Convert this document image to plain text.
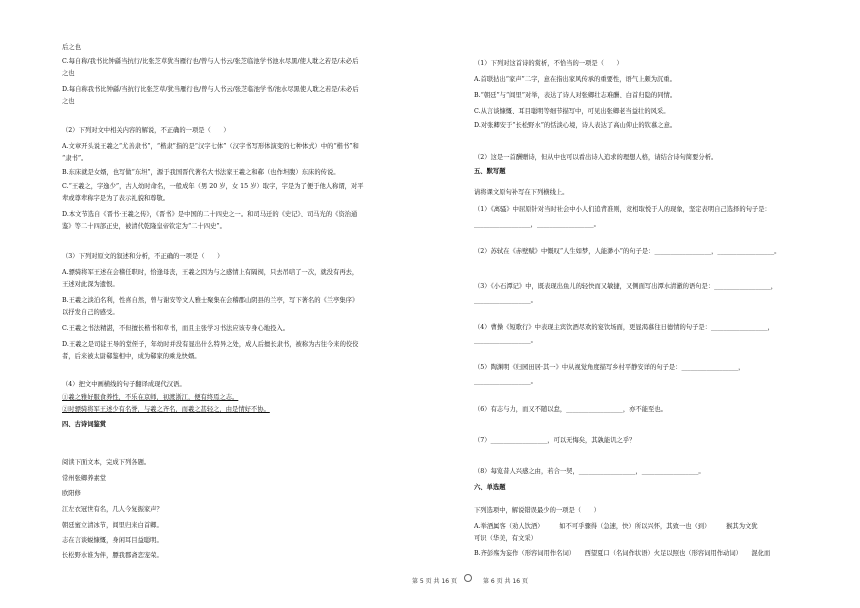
后之也
C.每自称/我书比钟繇当抗行/比张芝草犹当雁行也/曾与人书云/张芝临池学书池水尽黑/使人耽之若是/未必后
之也
D.每自称我书比钟繇/当抗行比张芝草/犹当雁行也/曾与人书云/张芝临池学书/池水尽黑使人耽之若是/未必后
之也
（2）下列对文中相关内容的解说，不正确的一项是（　　）
A.文章开头说王羲之“尤善隶书”，“楷隶”指的是“汉字七体”（汉字书写形体演变的七种体式）中的“楷书”和
“隶书”。
B.东床就是女婿，也写做“东坦”，源于我国晋代著名大书法家王羲之和郗（也作坦腹）东床的传说。
C.“王羲之，字逸少”，古人幼时命名，一般成年（男 20 岁，女 15 岁）取字，字是为了便于他人称谓，对平
辈或尊辈称字是为了表示礼貌和尊敬。
D.本文节选自《晋书·王羲之传》，《晋书》是中国的二十四史之一。和司马迁的《史记》、司马光的《资治通
鉴》等二十四部正史，被清代乾隆皇帝钦定为“二十四史”。
（3）下列对原文的叙述和分析，不正确的一项是（　　）
A.骠骑将军王述在会稽任职时，恰逢母丧，王羲之因为与之感情上有隔阂，只去吊唁了一次，就没有再去，
王述对此深为遗恨。
B.王羲之淡泊名利，性喜自然，曾与谢安等文人雅士聚集在会稽郡山阴县的兰亭，写下著名的《兰亭集序》
以抒发自己的感受。
C.王羲之书法精湛，不但擅长楷书和草书，而且主张学习书法应该专身心地投入。
D.王羲之是司徒王导的堂侄子，年幼时并没有显出什么特异之处，成人后擅长隶书，被称为古往今来的佼佼
者，后来被太尉郗鉴相中，成为郗家的乘龙快婿。
（4）把文中画横线的句子翻译成现代汉语。
①羲之雅好服食养性，不乐在京师，初渡浙江，便有终焉之志。
②时骠骑将军王述少有名誉，与羲之齐名，而羲之甚轻之，由是情好不协。
四、古诗词鉴赏
阅读下面文本，完成下列各题。
常州张卿养素堂
欧阳修
江左衣冠世有名，几人今复振家声？
朝廷蜜立清冰节，闾里归来白首卿。
志在言谈蜕慷慨，身闲耳目益聪明。
长松野水谁为伴，膘我郡斋恋宠荣。
（1）下列对这首诗的赏析，不恰当的一项是（　　）
A.首联拈出“家声”二字，意在指出家风传承的重要性，语气上颇为沉重。
B.“朝廷”与“闾里”对举，表达了诗人对张卿壮志难酬、白首归隐的同情。
C.从言谈慷慨、耳目聪明等细节描写中，可见出张卿老当益壮的风采。
D.对张卿安于“长松野水”的恬淡心境，诗人表达了高山仰止的钦慕之意。
（2）这是一首酬赠诗，但从中也可以看出诗人追求的理想人格，请结合诗句简要分析。
五、默写题
请将课文原句补写在下列横线上。
（1）《离骚》中屈原针对当时社会中小人们追背准则，竞相取悦于人的现象，坚定表明自己选择的句子是：
__________________，__________________。
（2）苏轼在《赤壁赋》中慨叹“人生如梦，人能渺小”的句子是：__________________，__________________。
（3）《小石潭记》中，既表现出鱼儿的轻快而又敏捷，又侧面写出潭水清澈的语句是：__________________，
__________________。
（4）曹操《短歌行》中表现主宾饮酒尽欢的宴饮场面，更显渴慕往日德情的句子是：__________________，
__________________。
（5）陶渊明《归园田居·其一》中从视觉角度描写乡村平静安详的句子是：__________________，
__________________。
（6）有志与力，而又不随以怠，__________________，亦不能至也。
（7）__________________，可以无悔矣，其孰能讥之乎？
（8）每览昔人兴感之由，若合一契，__________________，__________________。
六、单选题
下列选项中，解说错误最少的一项是（　　）
A.举酒属客（劝人饮酒）　　　如不可乎骤得（急速，快）所以兴怀，其致一也（到）　　　猴其为文犹
可识（华美，有文采）
B.齐彭殇为妄作（形容词用作名词）　　西望夏口（名词作状语）火足以照也（形容词用作动词）　　混化而
第 5 页 共 16 页	第 6 页 共 16 页
